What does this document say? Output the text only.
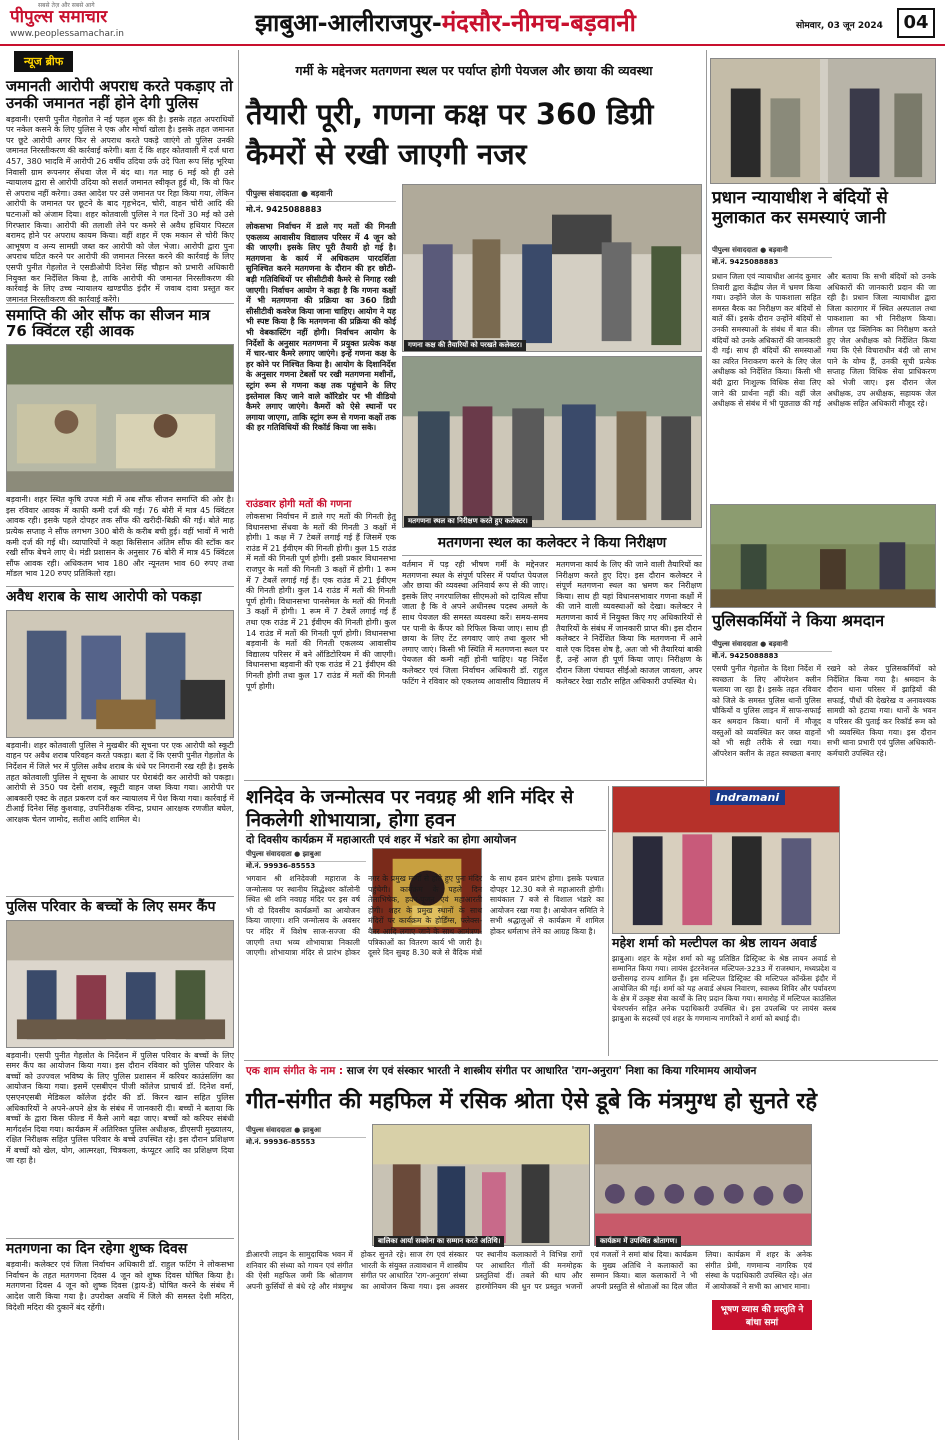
पीपुल्स समाचार
www.peoplessamachar.in
सबसे तेज़ और सबसे आगे
झाबुआ-आलीराजपुर-मंदसौर-नीमच-बड़वानी	सोमवार, 03 जून 2024	04
न्यूज ब्रीफ
जमानती आरोपी अपराध करते पकड़ाए तो उनकी जमानत नहीं होने देगी पुलिस
बड़वानी। एसपी पुनीत गेहलोत ने नई पहल शुरू की है। इसके तहत अपराधियों पर नकेल कसने के लिए पुलिस ने एक और मोर्चा खोला है। इसके तहत जमानत पर छूटे आरोपी अगर फिर से अपराध करते पकड़े जाएंगे तो पुलिस उनकी जमानत निरस्तीकरण की कार्रवाई करेगी। बता दें कि शहर कोतवाली में दर्ज धारा 457, 380 भादवि में आरोपी 26 वर्षीय उदिया उर्फ उदे पिता रूप सिंह भूरिया निवासी ग्राम रूपनगर सेंधवा जेल में बंद था। गत माह 6 मई को ही उसे न्यायालय द्वारा से आरोपी उदिया को सशर्त जमानत स्वीकृत हुई थी, कि वो फिर से अपराध नहीं करेगा। उक्त आदेश पर उसे जमानत पर रिहा किया गया, लेकिन आरोपी के जमानत पर छूटने के बाद गृहभेदन, चोरी, वाहन चोरी आदि की घटनाओं को अंजाम दिया। शहर कोतवाली पुलिस ने गत दिनों 30 मई को उसे गिरफ्तार किया। आरोपी की तलाशी लेने पर कमरे से अवैध हथियार पिस्टल बरामद होने पर अपराध कायम किया। वहीं शहर में एक मकान से चोरी किए आभूषण व अन्य सामग्री जब्त कर आरोपी को जेल भेजा। आरोपी द्वारा पुनः अपराध घटित करने पर आरोपी की जमानत निरस्त करने की कार्रवाई के लिए एसपी पुनीत गेहलोत ने एसडीओपी दिनेश सिंह चौहान को प्रभारी अधिकारी नियुक्त कर निर्देशित किया है, ताकि आरोपी की जमानत निरस्तीकरण की कार्रवाई के लिए उच्च न्यायालय खण्डपीठ इंदौर में जवाब दावा प्रस्तुत कर जमानत निरस्तीकरण की कार्रवाई करेंगे।
समाप्ति की ओर सौंफ का सीजन मात्र 76 क्विंटल रही आवक
बड़वानी। शहर स्थित कृषि उपज मंडी में अब सौंफ सीजन समाप्ति की ओर है। इस रविवार आवक में काफी कमी दर्ज की गई। 76 बोरी में मात्र 45 क्विंटल आवक रही। इसके पहले दोपहर तक सौंफ की खरीदी-बिक्री की गई। बोते माह प्रत्येक सप्ताह ने सौंफ लगभग 300 बोरी के करीब बची हुई। वहीं भावों में भारी कमी दर्ज की गई थी। व्यापारियों ने कहा किसिसान अंतिम सौंफ की स्टॉक कर रखी सौंफ बेचने लाए थे। मंडी प्रशासन के अनुसार 76 बोरी में मात्र 45 क्विंटल सौंफ आवक रही। अधिकतम भाव 180 और न्यूनतम भाव 60 रुपए तथा मॉडल भाव 120 रुपए प्रतिकिलो रहा।
अवैध शराब के साथ आरोपी को पकड़ा
बड़वानी। शहर कोतवाली पुलिस ने मुखबीर की सूचना पर एक आरोपी को स्कूटी वाहन पर अवैध शराब परिवहन करते पकड़ा। बता दें कि एसपी पुनीत गेहलोत के निर्देशन में जिले भर में पुलिस अवैध शराब के धंधे पर निगरानी रख रही है। इसके तहत कोतवाली पुलिस ने सूचना के आधार पर घेराबंदी कर आरोपी को पकड़ा। आरोपी से 350 पव देसी शराब, स्कूटी वाहन जब्त किया गया। आरोपी पर आबकारी एक्ट के तहत प्रकरण दर्ज कर न्यायालय में पेश किया गया। कार्रवाई में टीआई दिनेश सिंह कुशवाह, उपनिरीक्षक रविन्द्र, प्रधान आरक्षक रणजीत बघेल, आरक्षक चेतन जामोद, सतीश आदि शामिल थे।
पुलिस परिवार के बच्चों के लिए समर कैंप
बड़वानी। एसपी पुनीत गेहलोत के निर्देशन में पुलिस परिवार के बच्चों के लिए समर कैंप का आयोजन किया गया। इस दौरान रविवार को पुलिस परिवार के बच्चों को उज्ज्वल भविष्य के लिए पुलिस प्रशासन में करियर काउंसलिंग का आयोजन किया गया। इसमें एसबीएन पीजी कॉलेज प्राचार्य डॉ. दिनेश वर्मा, एसएनएसबी मेडिकल कॉलेज इंदौर की डॉ. किरन खान सहित पुलिस अधिकारियों ने अपने-अपने क्षेत्र के संबंध में जानकारी दी। बच्चों ने बताया कि बच्चों के द्वारा किस फील्ड में कैसे आगे बढ़ा जाए। बच्चों को करियर संबंधी मार्गदर्शन दिया गया। कार्यक्रम में अतिरिक्त पुलिस अधीक्षक, डीएसपी मुख्यालय, रक्षित निरीक्षक सहित पुलिस परिवार के बच्चे उपस्थित रहे। इस दौरान प्रशिक्षण में बच्चों को खेल, योग, आत्मरक्षा, चित्रकला, कंप्यूटर आदि का प्रशिक्षण दिया जा रहा है।
मतगणना का दिन रहेगा शुष्क दिवस
बड़वानी। कलेक्टर एवं जिला निर्वाचन अधिकारी डॉ. राहुल फटिंग ने लोकसभा निर्वाचन के तहत मतगणना दिवस 4 जून को शुष्क दिवस घोषित किया है। मतगणना दिवस 4 जून को शुष्क दिवस (ड्राय-डे) घोषित करने के संबंध में आदेश जारी किया गया है। उपरोक्त अवधि में जिले की समस्त देशी मदिरा, विदेशी मदिरा की दुकानें बंद रहेंगी।
गर्मी के मद्देनजर मतगणना स्थल पर पर्याप्त होगी पेयजल और छाया की व्यवस्था
तैयारी पूरी, गणना कक्ष पर 360 डिग्री कैमरों से रखी जाएगी नजर
पीपुल्स संवाददाता ● बड़वानी
मो.नं. 9425088883
लोकसभा निर्वाचन में डाले गए मतों की गिनती एकलव्य आवासीय विद्यालय परिसर में 4 जून को की जाएगी। इसके लिए पूरी तैयारी हो गई है। मतगणना के कार्य में अधिकतम पारदर्शिता सुनिश्चित करने मतगणना के दौरान की हर छोटी-बड़ी गतिविधियों पर सीसीटीवी कैमरे से निगाह रखी जाएगी। निर्वाचन आयोग ने कहा है कि गणना कक्षों में भी मतगणना की प्रक्रिया का 360 डिग्री सीसीटीवी कवरेज किया जाना चाहिए। आयोग ने यह भी स्पष्ट किया है कि मतगणना की प्रक्रिया की कोई भी वेबकास्टिंग नहीं होगी। निर्वाचन आयोग के निर्देशों के अनुसार मतगणना में प्रयुक्त प्रत्येक कक्ष में चार-चार कैमरे लगाए जाएंगे। इन्हें गणना कक्ष के हर कोने पर निश्चित किया है। आयोग के दिशानिर्देश के अनुसार गणना टेबलों पर रखी मतगणना मशीनों, स्ट्रांग रूम से गणना कक्ष तक पहुंचाने के लिए इस्तेमाल किए जाने वाले कॉरिडोर पर भी वीडियो कैमरे लगाए जाएंगे। कैमरों को ऐसे स्थानों पर लगाया जाएगा, ताकि स्ट्रांग रूम से गणना कक्षों तक की हर गतिविधियों की रिकॉर्ड किया जा सके।
राउंडवार होगी मतों की गणना
लोकसभा निर्वाचन में डाले गए मतों की गिनती हेतु विधानसभा सेंधवा के मतों की गिनती 3 कक्षों में होगी। 1 कक्ष में 7 टेबलें लगाई गई हैं जिसमें एक राउंड में 21 ईवीएम की गिनती होगी। कुल 15 राउंड में मतों की गिनती पूर्ण होगी। इसी प्रकार विधानसभा राजपुर के मतों की गिनती 3 कक्षों में होगी। 1 रूम में 7 टेबलें लगाई गई हैं। एक राउंड में 21 ईवीएम की गिनती होगी। कुल 14 राउंड में मतों की गिनती पूर्ण होगी। विधानसभा पानसेमल के मतों की गिनती 3 कक्षों में होगी। 1 रूम में 7 टेबलें लगाई गई हैं तथा एक राउंड में 21 ईवीएम की गिनती होगी। कुल 14 राउंड में मतों की गिनती पूर्ण होगी। विधानसभा बड़वानी के मतों की गिनती एकलव्य आवासीय विद्यालय परिसर में बने ऑडिटोरियम में की जाएगी। विधानसभा बड़वानी की एक राउंड में 21 ईवीएम की गिनती होगी तथा कुल 17 राउंड में मतों की गिनती पूर्ण होगी।
गणना कक्ष की तैयारियों को परखते कलेक्टर।
मतगणना स्थल का निरीक्षण करते हुए कलेक्टर।
मतगणना स्थल का कलेक्टर ने किया निरीक्षण
वर्तमान में पड़ रही भीषण गर्मी के मद्देनजर मतगणना स्थल के संपूर्ण परिसर में पर्याप्त पेयजल और छाया की व्यवस्था अनिवार्य रूप से की जाए। इसके लिए नगरपालिका सीएमओ को दायित्व सौंपा जाता है कि वे अपने अधीनस्थ पदस्थ अमले के साथ पेयजल की समस्त व्यवस्था करें। समय-समय पर पानी के कैंपर को रिफिल किया जाए। साथ ही छाया के लिए टेंट लगवाए जाएं तथा कूलर भी लगाए जाएं। किसी भी स्थिति में मतगणना स्थल पर पेयजल की कमी नहीं होनी चाहिए। यह निर्देश कलेक्टर एवं जिला निर्वाचन अधिकारी डॉ. राहुल फटिंग ने रविवार को एकलव्य आवासीय विद्यालय में मतगणना कार्य के लिए की जाने वाली तैयारियों का निरीक्षण करते हुए दिए। इस दौरान कलेक्टर ने संपूर्ण मतगणना स्थल का भ्रमण कर निरीक्षण किया। साथ ही यहां विधानसभावार गणना कक्षों में की जाने वाली व्यवस्थाओं को देखा। कलेक्टर ने मतगणना कार्य में नियुक्त किए गए अधिकारियों से तैयारियों के संबंध में जानकारी प्राप्त की। इस दौरान कलेक्टर ने निर्देशित किया कि मतगणना में आने वाले एक दिवस शेष है, अतः जो भी तैयारियां बाकी हैं, उन्हें आज ही पूर्ण किया जाए। निरीक्षण के दौरान जिला पंचायत सीईओ काजल जावला, अपर कलेक्टर रेखा राठौर सहित अधिकारी उपस्थित थे।
प्रधान न्यायाधीश ने बंदियों से मुलाकात कर समस्याएं जानी
पीपुल्स संवाददाता ● बड़वानी
मो.नं. 9425088883
प्रधान जिला एवं न्यायाधीश आनंद कुमार तिवारी द्वारा केंद्रीय जेल में भ्रमण किया गया। उन्होंने जेल के पाकशाला सहित समस्त बैरक का निरीक्षण कर बंदियों से बातें कीं। इसके दौरान उन्होंने बंदियों से उनकी समस्याओं के संबंध में बात की। बंदियों को उनके अधिकारों की जानकारी दी गई। साथ ही बंदियों की समस्याओं का त्वरित निराकरण करने के लिए जेल अधीक्षक को निर्देशित किया। किसी भी बंदी द्वारा निःशुल्क विधिक सेवा लिए जाने की प्रार्थना नहीं की। वहीं जेल अधीक्षक से संबंध में भी पूछताछ की गई और बताया कि सभी बंदियों को उनके अधिकारों की जानकारी प्रदान की जा रही है। प्रधान जिला न्यायाधीश द्वारा जिला कारागार में स्थित अस्पताल तथा पाकशाला का भी निरीक्षण किया। लीगल एड क्लिनिक का निरीक्षण करते हुए जेल अधीक्षक को निर्देशित किया गया कि ऐसे विचाराधीन बंदी जो लाभ पाने के योग्य हैं, उनकी सूची प्रत्येक सप्ताह जिला विधिक सेवा प्राधिकरण को भेजी जाए। इस दौरान जेल अधीक्षक, उप अधीक्षक, सहायक जेल अधीक्षक सहित अधिकारी मौजूद रहे।
पुलिसकर्मियों ने किया श्रमदान
पीपुल्स संवाददाता ● बड़वानी
मो.नं. 9425088883
एसपी पुनीत गेहलोत के दिशा निर्देश में स्वच्छता के लिए ऑपरेशन क्लीन चलाया जा रहा है। इसके तहत रविवार को जिले के समस्त पुलिस थानों पुलिस चौकियों व पुलिस लाइन में साफ-सफाई कर श्रमदान किया। थानों में मौजूद वस्तुओं को व्यवस्थित कर जब्त वाहनों को भी सही तरीके से रखा गया। ऑपरेशन क्लीन के तहत स्वच्छता बनाए रखने को लेकर पुलिसकर्मियों को निर्देशित किया गया है। श्रमदान के दौरान थाना परिसर में झाड़ियों की सफाई, पौधों की देखरेख व अनावश्यक सामग्री को हटाया गया। थानों के भवन व परिसर की पुताई कर रिकॉर्ड रूम को भी व्यवस्थित किया गया। इस दौरान सभी थाना प्रभारी एवं पुलिस अधिकारी-कर्मचारी उपस्थित रहे।
शनिदेव के जन्मोत्सव पर नवग्रह श्री शनि मंदिर से निकलेगी शोभायात्रा, होगा हवन
दो दिवसीय कार्यक्रम में महाआरती एवं शहर में भंडारे का होगा आयोजन
पीपुल्स संवाददाता ● झाबुआ
मो.नं. 99936-85553
भगवान श्री शनिदेवजी महाराज के जन्मोत्सव पर स्थानीय सिद्धेश्वर कॉलोनी स्थित श्री शनि नवग्रह मंदिर पर इस वर्ष भी दो दिवसीय कार्यक्रमों का आयोजन किया जाएगा। शनि जन्मोत्सव के अवसर पर मंदिर में विशेष साज-सज्जा की जाएगी तथा भव्य शोभायात्रा निकाली जाएगी। शोभायात्रा मंदिर से प्रारंभ होकर नगर के प्रमुख मार्गों से होते हुए पुनः मंदिर पहुंचेगी। कार्यक्रम के पहले दिन तेलाभिषेक, हवन-पूजन एवं महाआरती होगी। शहर के प्रमुख स्थानों के साथ मंदिरों पर कार्यक्रम के होर्डिंग्स, फ्लेक्स-बैनर आदि लगाए जाने के साथ आमंत्रण-पत्रिकाओं का वितरण कार्य भी जारी है। दूसरे दिन सुबह 8.30 बजे से वैदिक मंत्रों के साथ हवन प्रारंभ होगा। इसके पश्चात दोपहर 12.30 बजे से महाआरती होगी। सायंकाल 7 बजे से विशाल भंडारे का आयोजन रखा गया है। आयोजन समिति ने सभी श्रद्धालुओं से कार्यक्रम में शामिल होकर धर्मलाभ लेने का आग्रह किया है।
Indramani
महेश शर्मा को मल्टीपल का श्रेष्ठ लायन अवार्ड
झाबुआ। शहर के महेश शर्मा को बहु प्रतिष्ठित डिस्ट्रिक्ट के श्रेष्ठ लायन अवार्ड से सम्मानित किया गया। लायंस इंटरनेशनल मल्टिपल-3233 में राजस्थान, मध्यप्रदेश व छत्तीसगढ़ राज्य शामिल हैं। इस मल्टिपल डिस्ट्रिक्ट की मल्टिपल कॉन्फ्रेंस इंदौर में आयोजित की गई। शर्मा को यह अवार्ड अंधत्व निवारण, स्वास्थ्य शिविर और पर्यावरण के क्षेत्र में उत्कृष्ट सेवा कार्यों के लिए प्रदान किया गया। समारोह में मल्टिपल काउंसिल चेयरपर्सन सहित अनेक पदाधिकारी उपस्थित थे। इस उपलब्धि पर लायंस क्लब झाबुआ के सदस्यों एवं शहर के गणमान्य नागरिकों ने शर्मा को बधाई दी।
एक शाम संगीत के नाम : साज रंग एवं संस्कार भारती ने शास्त्रीय संगीत पर आधारित 'राग-अनुराग' निशा का किया गरिमामय आयोजन
गीत-संगीत की महफिल में रसिक श्रोता ऐसे डूबे कि मंत्रमुग्ध हो सुनते रहे
पीपुल्स संवाददाता ● झाबुआ
मो.नं. 99936-85553
बालिका आर्या सक्सेना का सम्मान करते अतिथि।	कार्यक्रम में उपस्थित श्रोतागण।
डीआरपी लाइन के सामुदायिक भवन में शनिवार की संध्या को गायन एवं संगीत की ऐसी महफिल जमी कि श्रोतागण अपनी कुर्सियों से बंधे रहे और मंत्रमुग्ध होकर सुनते रहे। साज रंग एवं संस्कार भारती के संयुक्त तत्वावधान में शास्त्रीय संगीत पर आधारित 'राग-अनुराग' संध्या का आयोजन किया गया। इस अवसर पर स्थानीय कलाकारों ने विभिन्न रागों पर आधारित गीतों की मनमोहक प्रस्तुतियां दीं। तबले की थाप और हारमोनियम की धुन पर प्रस्तुत भजनों एवं गजलों ने समां बांध दिया। कार्यक्रम के मुख्य अतिथि ने कलाकारों का सम्मान किया। बाल कलाकारों ने भी अपनी प्रस्तुति से श्रोताओं का दिल जीत लिया। कार्यक्रम में शहर के अनेक संगीत प्रेमी, गणमान्य नागरिक एवं संस्था के पदाधिकारी उपस्थित रहे। अंत में आयोजकों ने सभी का आभार माना।
भूषण व्यास की प्रस्तुति ने बांधा समां
